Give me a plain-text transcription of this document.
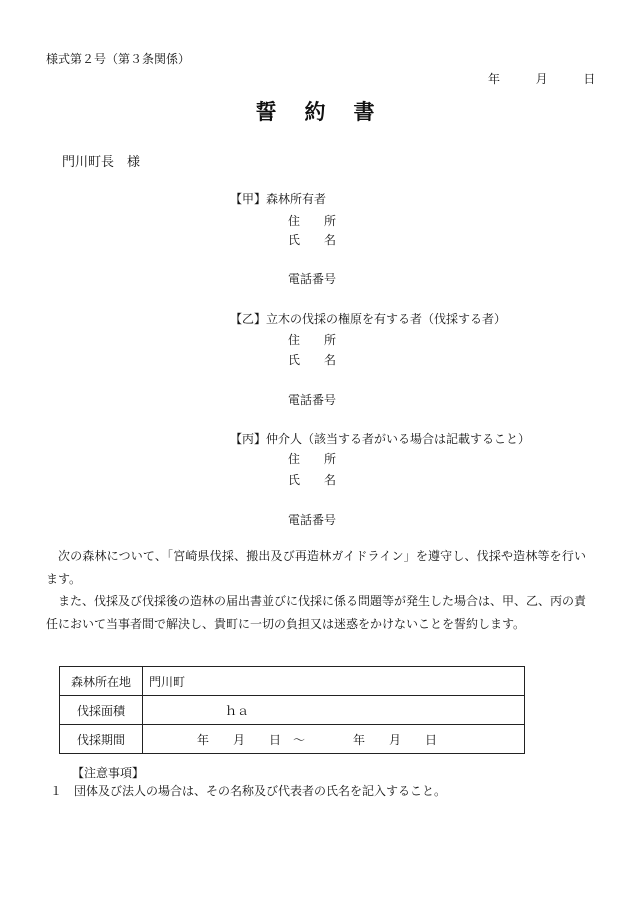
様式第２号（第３条関係）
年	月	日
誓 約 書
門川町長　様
【甲】森林所有者
住　　所
氏　　名
電話番号
【乙】立木の伐採の権原を有する者（伐採する者）
住　　所
氏　　名
電話番号
【丙】仲介人（該当する者がいる場合は記載すること）
住　　所
氏　　名
電話番号

次の森林について、「宮崎県伐採、搬出及び再造林ガイドライン」を遵守し、伐採や造林等を行います。

また、伐採及び伐採後の造林の届出書並びに伐採に係る問題等が発生した場合は、甲、乙、丙の責任において当事者間で解決し、貴町に一切の負担又は迷惑をかけないことを誓約します。

森林所在地	門川町
伐採面積	ｈａ
伐採期間	年　　月　　日　～　　　　年　　月　　日
【注意事項】
１　団体及び法人の場合は、その名称及び代表者の氏名を記入すること。
